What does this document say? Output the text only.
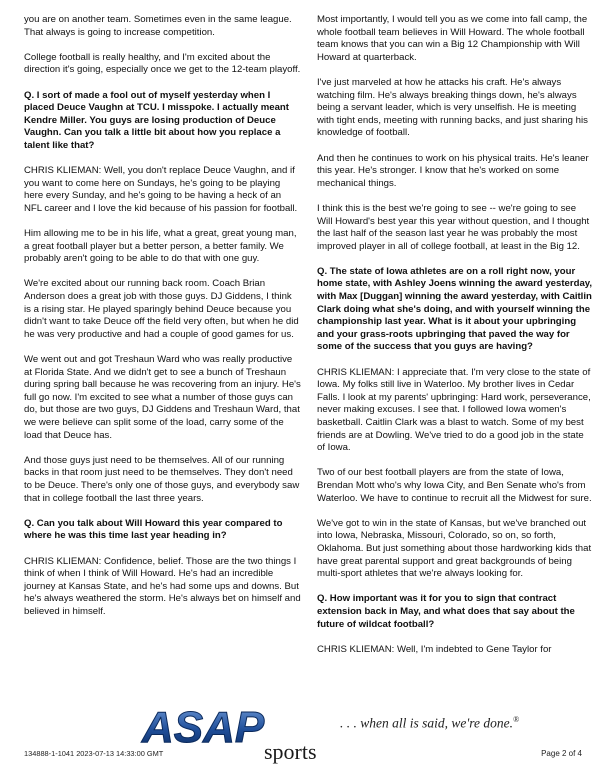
you are on another team. Sometimes even in the same league. That always is going to increase competition.

College football is really healthy, and I'm excited about the direction it's going, especially once we get to the 12-team playoff.

Q. I sort of made a fool out of myself yesterday when I placed Deuce Vaughn at TCU. I misspoke. I actually meant Kendre Miller. You guys are losing production of Deuce Vaughn. Can you talk a little bit about how you replace a talent like that?

CHRIS KLIEMAN: Well, you don't replace Deuce Vaughn, and if you want to come here on Sundays, he's going to be playing here every Sunday, and he's going to be having a heck of an NFL career and I love the kid because of his passion for football.

Him allowing me to be in his life, what a great, great young man, a great football player but a better person, a better family. We probably aren't going to be able to do that with one guy.

We're excited about our running back room. Coach Brian Anderson does a great job with those guys. DJ Giddens, I think is a rising star. He played sparingly behind Deuce because you didn't want to take Deuce off the field very often, but when he did he was very productive and had a couple of good games for us.

We went out and got Treshaun Ward who was really productive at Florida State. And we didn't get to see a bunch of Treshaun during spring ball because he was recovering from an injury. He's full go now. I'm excited to see what a number of those guys can do, but those are two guys, DJ Giddens and Treshaun Ward, that we were believe can split some of the load, carry some of the load that Deuce has.

And those guys just need to be themselves. All of our running backs in that room just need to be themselves. They don't need to be Deuce. There's only one of those guys, and everybody saw that in college football the last three years.

Q. Can you talk about Will Howard this year compared to where he was this time last year heading in?

CHRIS KLIEMAN: Confidence, belief. Those are the two things I think of when I think of Will Howard. He's had an incredible journey at Kansas State, and he's had some ups and downs. But he's always weathered the storm. He's always bet on himself and believed in himself.

Most importantly, I would tell you as we come into fall camp, the whole football team believes in Will Howard. The whole football team knows that you can win a Big 12 Championship with Will Howard at quarterback.

I've just marveled at how he attacks his craft. He's always watching film. He's always breaking things down, he's always being a servant leader, which is very unselfish. He is meeting with tight ends, meeting with running backs, and just sharing his knowledge of football.

And then he continues to work on his physical traits. He's leaner this year. He's stronger. I know that he's worked on some mechanical things.

I think this is the best we're going to see -- we're going to see Will Howard's best year this year without question, and I thought the last half of the season last year he was probably the most improved player in all of college football, at least in the Big 12.

Q. The state of Iowa athletes are on a roll right now, your home state, with Ashley Joens winning the award yesterday, with Max [Duggan] winning the award yesterday, with Caitlin Clark doing what she's doing, and with yourself winning the championship last year. What is it about your upbringing and your grass-roots upbringing that paved the way for some of the success that you guys are having?

CHRIS KLIEMAN: I appreciate that. I'm very close to the state of Iowa. My folks still live in Waterloo. My brother lives in Cedar Falls. I look at my parents' upbringing: Hard work, perseverance, never making excuses. I see that. I followed Iowa women's basketball. Caitlin Clark was a blast to watch. Some of my best friends are at Dowling. We've tried to do a good job in the state of Iowa.

Two of our best football players are from the state of Iowa, Brendan Mott who's why Iowa City, and Ben Senate who's from Waterloo. We have to continue to recruit all the Midwest for sure.

We've got to win in the state of Kansas, but we've branched out into Iowa, Nebraska, Missouri, Colorado, so on, so forth, Oklahoma. But just something about those hardworking kids that have great parental support and great backgrounds of being multi-sport athletes that we're always looking for.

Q. How important was it for you to sign that contract extension back in May, and what does that say about the future of wildcat football?

CHRIS KLIEMAN: Well, I'm indebted to Gene Taylor for

ASAP sports
. . . when all is said, we're done.®
134888-1-1041 2023-07-13 14:33:00 GMT	Page 2 of 4
